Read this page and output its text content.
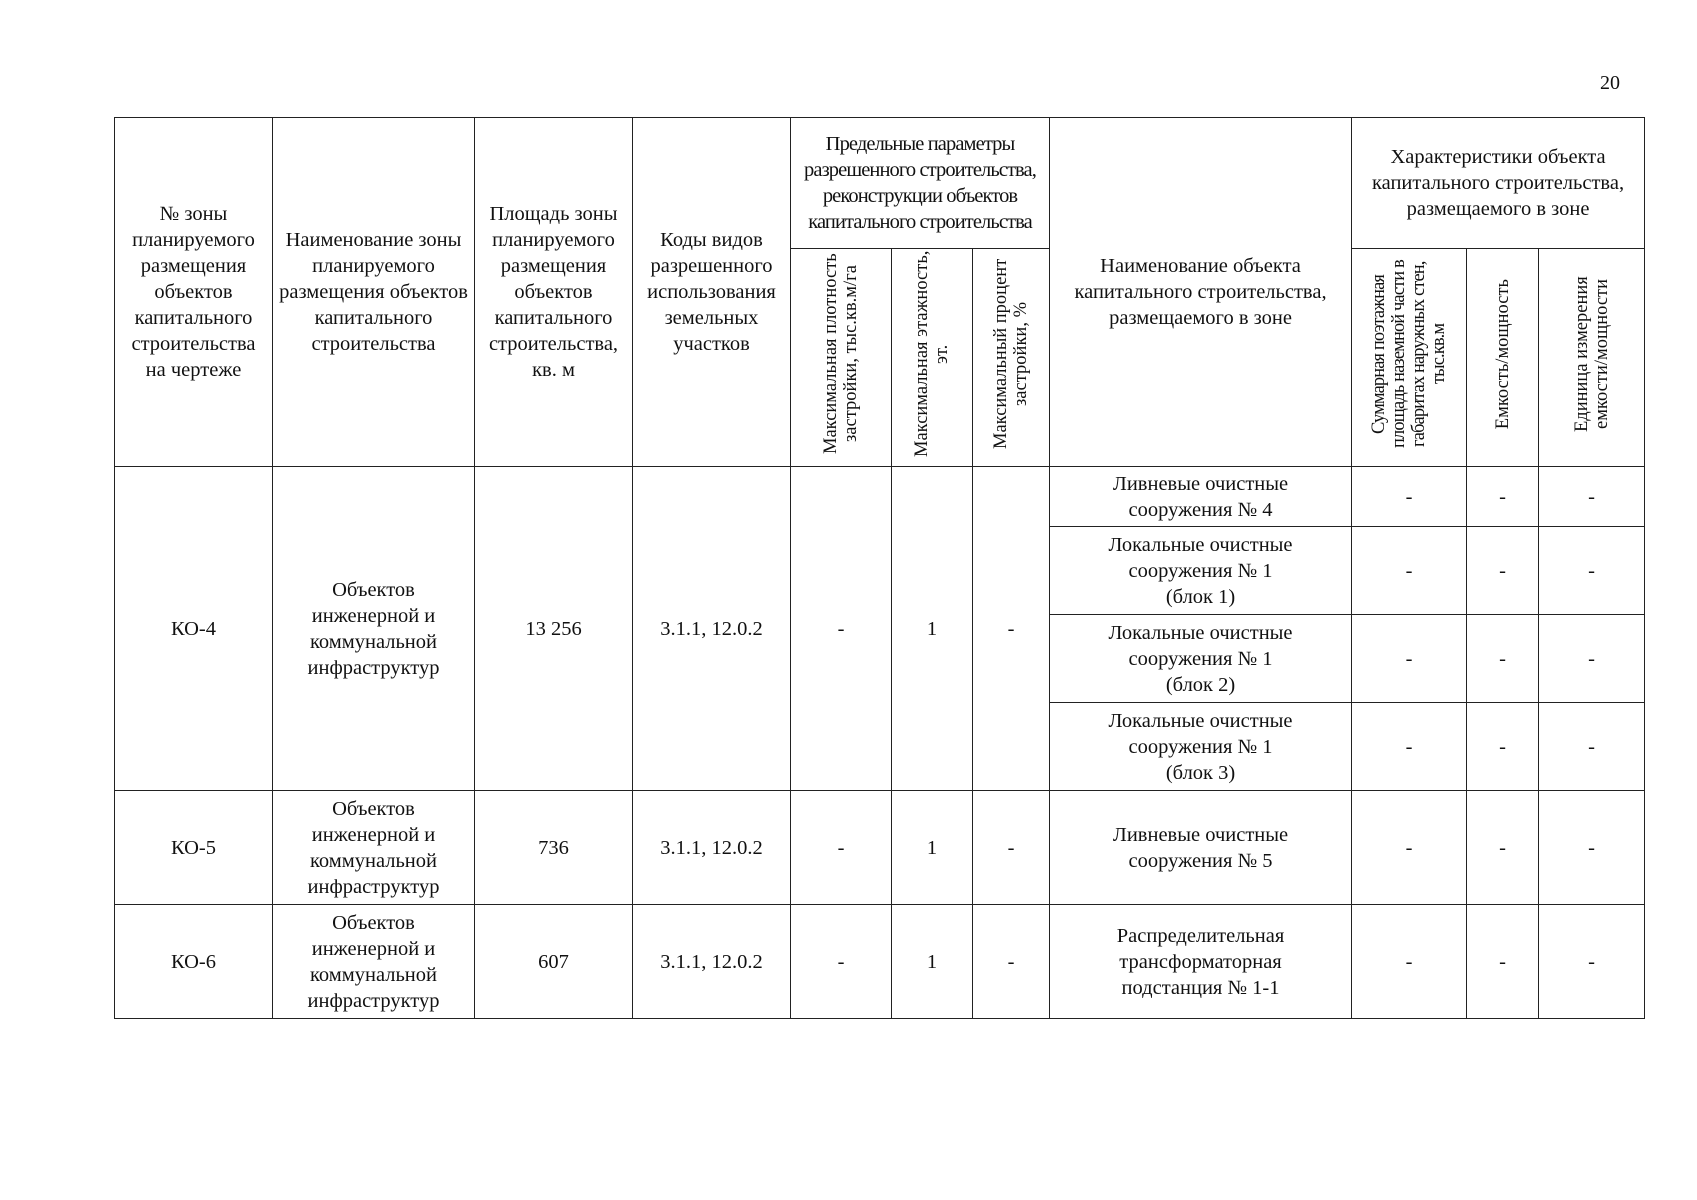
20
№ зоны планируемого размещения объектов капитального строительства на чертеже	Наименование зоны планируемого размещения объектов капитального строительства	Площадь зоны планируемого размещения объектов капитального строительства, кв. м	Коды видов разрешенного использования земельных участков	Предельные параметры разрешенного строительства, реконструкции объектов капитального строительства			Наименование объекта капитального строительства, размещаемого в зоне	Характеристики объекта капитального строительства, размещаемого в зоне		
				Максимальная плотность застройки, тыс.кв.м/га	Максимальная этажность, эт.	Максимальный процент застройки, %		Суммарная поэтажная площадь наземной части в габаритах наружных стен, тыс.кв.м	Емкость/мощность	Единица измерения емкости/мощности
КО-4	Объектов
инженерной и
коммунальной
инфраструктур	13 256	3.1.1, 12.0.2	-	1	-	Ливневые очистные
сооружения № 4	-	-	-
							Локальные очистные
сооружения № 1
(блок 1)	-	-	-
							Локальные очистные
сооружения № 1
(блок 2)	-	-	-
							Локальные очистные
сооружения № 1
(блок 3)	-	-	-
КО-5	Объектов
инженерной и
коммунальной
инфраструктур	736	3.1.1, 12.0.2	-	1	-	Ливневые очистные
сооружения № 5	-	-	-
КО-6	Объектов
инженерной и
коммунальной
инфраструктур	607	3.1.1, 12.0.2	-	1	-	Распределительная
трансформаторная
подстанция № 1-1	-	-	-
